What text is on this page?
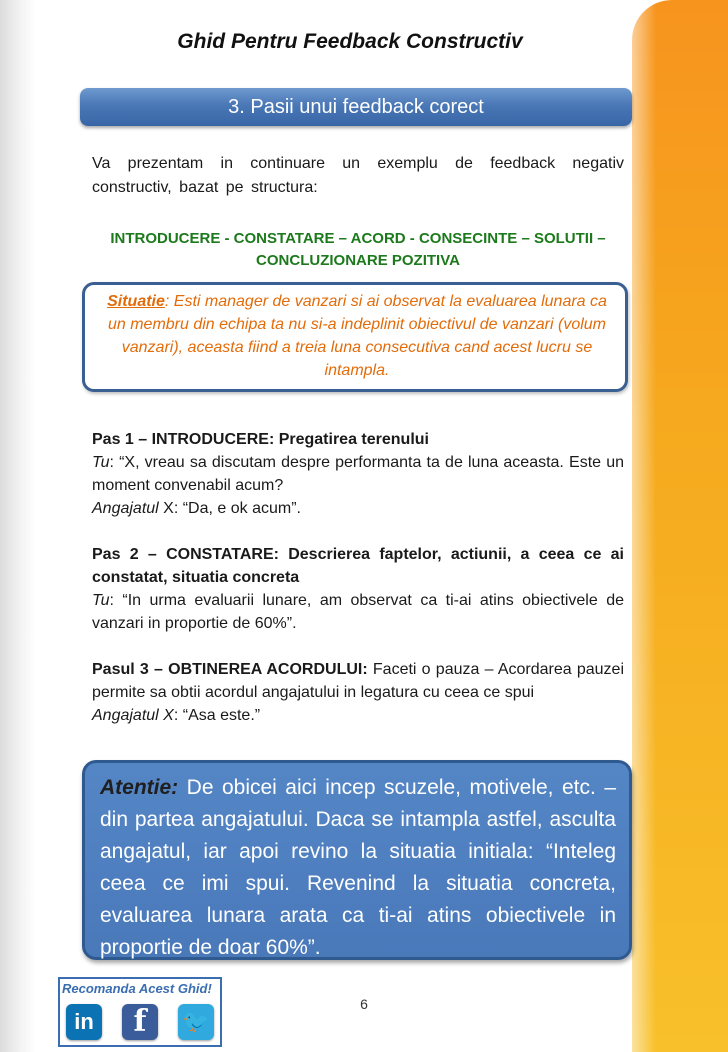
Ghid Pentru Feedback Constructiv
3. Pasii unui feedback corect
Va prezentam in continuare un exemplu de feedback negativ constructiv, bazat pe structura:
INTRODUCERE - CONSTATARE – ACORD - CONSECINTE – SOLUTII – CONCLUZIONARE POZITIVA
Situatie: Esti manager de vanzari si ai observat la evaluarea lunara ca un membru din echipa ta nu si-a indeplinit obiectivul de vanzari (volum vanzari), aceasta fiind a treia luna consecutiva cand acest lucru se intampla.
Pas 1 – INTRODUCERE: Pregatirea terenului
Tu: “X, vreau sa discutam despre performanta ta de luna aceasta. Este un moment convenabil acum?
Angajatul X: “Da, e ok acum”.
Pas 2 – CONSTATARE: Descrierea faptelor, actiunii, a ceea ce ai constatat, situatia concreta
Tu: “In urma evaluarii lunare, am observat ca ti-ai atins obiectivele de vanzari in proportie de 60%”.
Pasul 3 – OBTINEREA ACORDULUI: Faceti o pauza – Acordarea pauzei permite sa obtii acordul angajatului in legatura cu ceea ce spui
Angajatul X: “Asa este.”
Atentie: De obicei aici incep scuzele, motivele, etc. – din partea angajatului. Daca se intampla astfel, asculta angajatul, iar apoi revino la situatia initiala: “Inteleg ceea ce imi spui. Revenind la situatia concreta, evaluarea lunara arata ca ti-ai atins obiectivele in proportie de doar 60%”.
Recomanda Acest Ghid!
in	f	🐦
6
